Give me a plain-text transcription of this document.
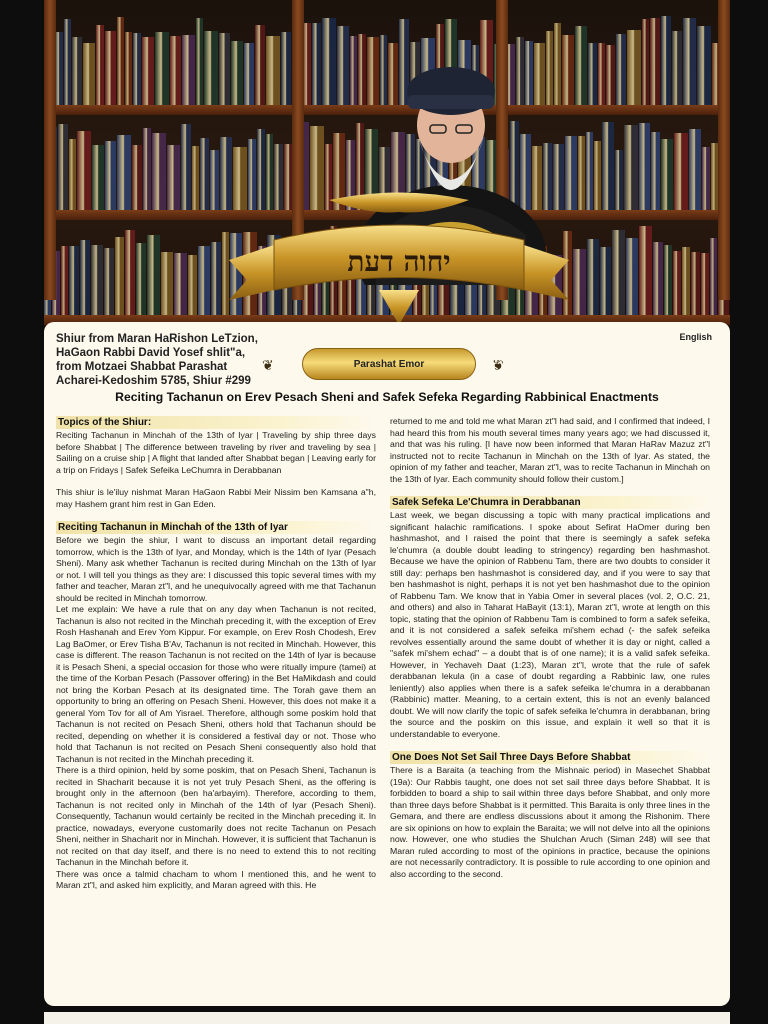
יחוה דעת
Shiur from Maran HaRishon LeTzion,
HaGaon Rabbi David Yosef shlit"a,
from Motzaei Shabbat Parashat
Acharei-Kedoshim 5785, Shiur #299
English
❦	Parashat Emor	❦
Reciting Tachanun on Erev Pesach Sheni and Safek Sefeka Regarding Rabbinical Enactments
Topics of the Shiur:

Reciting Tachanun in Minchah of the 13th of Iyar | Traveling by ship three days before Shabbat | The difference between traveling by river and traveling by sea | Sailing on a cruise ship | A flight that landed after Shabbat began | Leaving early for a trip on Fridays | Safek Sefeika LeChumra in Derabbanan

This shiur is le'iluy nishmat Maran HaGaon Rabbi Meir Nissim ben Kamsana a"h, may Hashem grant him rest in Gan Eden.

Reciting Tachanun in Minchah of the 13th of Iyar

Before we begin the shiur, I want to discuss an important detail regarding tomorrow, which is the 13th of Iyar, and Monday, which is the 14th of Iyar (Pesach Sheni). Many ask whether Tachanun is recited during Minchah on the 13th of Iyar or not. I will tell you things as they are: I discussed this topic several times with my father and teacher, Maran zt"l, and he unequivocally agreed with me that Tachanun should be recited in Minchah tomorrow.

Let me explain: We have a rule that on any day when Tachanun is not recited, Tachanun is also not recited in the Minchah preceding it, with the exception of Erev Rosh Hashanah and Erev Yom Kippur. For example, on Erev Rosh Chodesh, Erev Lag BaOmer, or Erev Tisha B'Av, Tachanun is not recited in Minchah. However, this case is different. The reason Tachanun is not recited on the 14th of Iyar is because it is Pesach Sheni, a special occasion for those who were ritually impure (tamei) at the time of the Korban Pesach (Passover offering) in the Bet HaMikdash and could not bring the Korban Pesach at its designated time. The Torah gave them an opportunity to bring an offering on Pesach Sheni. However, this does not make it a general Yom Tov for all of Am Yisrael. Therefore, although some poskim hold that Tachanun is not recited on Pesach Sheni, others hold that Tachanun should be recited, depending on whether it is considered a festival day or not. Those who hold that Tachanun is not recited on Pesach Sheni consequently also hold that Tachanun is not recited in the Minchah preceding it.

There is a third opinion, held by some poskim, that on Pesach Sheni, Tachanun is recited in Shacharit because it is not yet truly Pesach Sheni, as the offering is brought only in the afternoon (ben ha'arbayim). Therefore, according to them, Tachanun is not recited only in Minchah of the 14th of Iyar (Pesach Sheni). Consequently, Tachanun would certainly be recited in the Minchah preceding it. In practice, nowadays, everyone customarily does not recite Tachanun on Pesach Sheni, neither in Shacharit nor in Minchah. However, it is sufficient that Tachanun is not recited on that day itself, and there is no need to extend this to not reciting Tachanun in the Minchah before it.

There was once a talmid chacham to whom I mentioned this, and he went to Maran zt"l, and asked him explicitly, and Maran agreed with this. He

returned to me and told me what Maran zt"l had said, and I confirmed that indeed, I had heard this from his mouth several times many years ago; we had discussed it, and that was his ruling. [I have now been informed that Maran HaRav Mazuz zt"l instructed not to recite Tachanun in Minchah on the 13th of Iyar. As stated, the opinion of my father and teacher, Maran zt"l, was to recite Tachanun in Minchah on the 13th of Iyar. Each community should follow their custom.]

Safek Sefeka Le'Chumra in Derabbanan

Last week, we began discussing a topic with many practical implications and significant halachic ramifications. I spoke about Sefirat HaOmer during ben hashmashot, and I raised the point that there is seemingly a safek sefeka le'chumra (a double doubt leading to stringency) regarding ben hashmashot. Because we have the opinion of Rabbenu Tam, there are two doubts to consider it still day: perhaps ben hashmashot is considered day, and if you were to say that ben hashmashot is night, perhaps it is not yet ben hashmashot due to the opinion of Rabbenu Tam. We know that in Yabia Omer in several places (vol. 2, O.C. 21, and others) and also in Taharat HaBayit (13:1), Maran zt"l, wrote at length on this topic, stating that the opinion of Rabbenu Tam is combined to form a safek sefeika, and it is not considered a safek sefeika mi'shem echad (- the safek sefeika revolves essentially around the same doubt of whether it is day or night, called a "safek mi'shem echad" – a doubt that is of one name); it is a valid safek sefeika. However, in Yechaveh Daat (1:23), Maran zt"l, wrote that the rule of safek derabbanan lekula (in a case of doubt regarding a Rabbinic law, one rules leniently) also applies when there is a safek sefeika le'chumra in a derabbanan (Rabbinic) matter. Meaning, to a certain extent, this is not an evenly balanced doubt. We will now clarify the topic of safek sefeika le'chumra in derabbanan, bring the source and the poskim on this issue, and explain it well so that it is understandable to everyone.

One Does Not Set Sail Three Days Before Shabbat

There is a Baraita (a teaching from the Mishnaic period) in Masechet Shabbat (19a): Our Rabbis taught, one does not set sail three days before Shabbat. It is forbidden to board a ship to sail within three days before Shabbat, and only more than three days before Shabbat is it permitted. This Baraita is only three lines in the Gemara, and there are endless discussions about it among the Rishonim. There are six opinions on how to explain the Baraita; we will not delve into all the opinions now. However, one who studies the Shulchan Aruch (Siman 248) will see that Maran ruled according to most of the opinions in practice, because the opinions are not necessarily contradictory. It is possible to rule according to one opinion and also according to the second.
